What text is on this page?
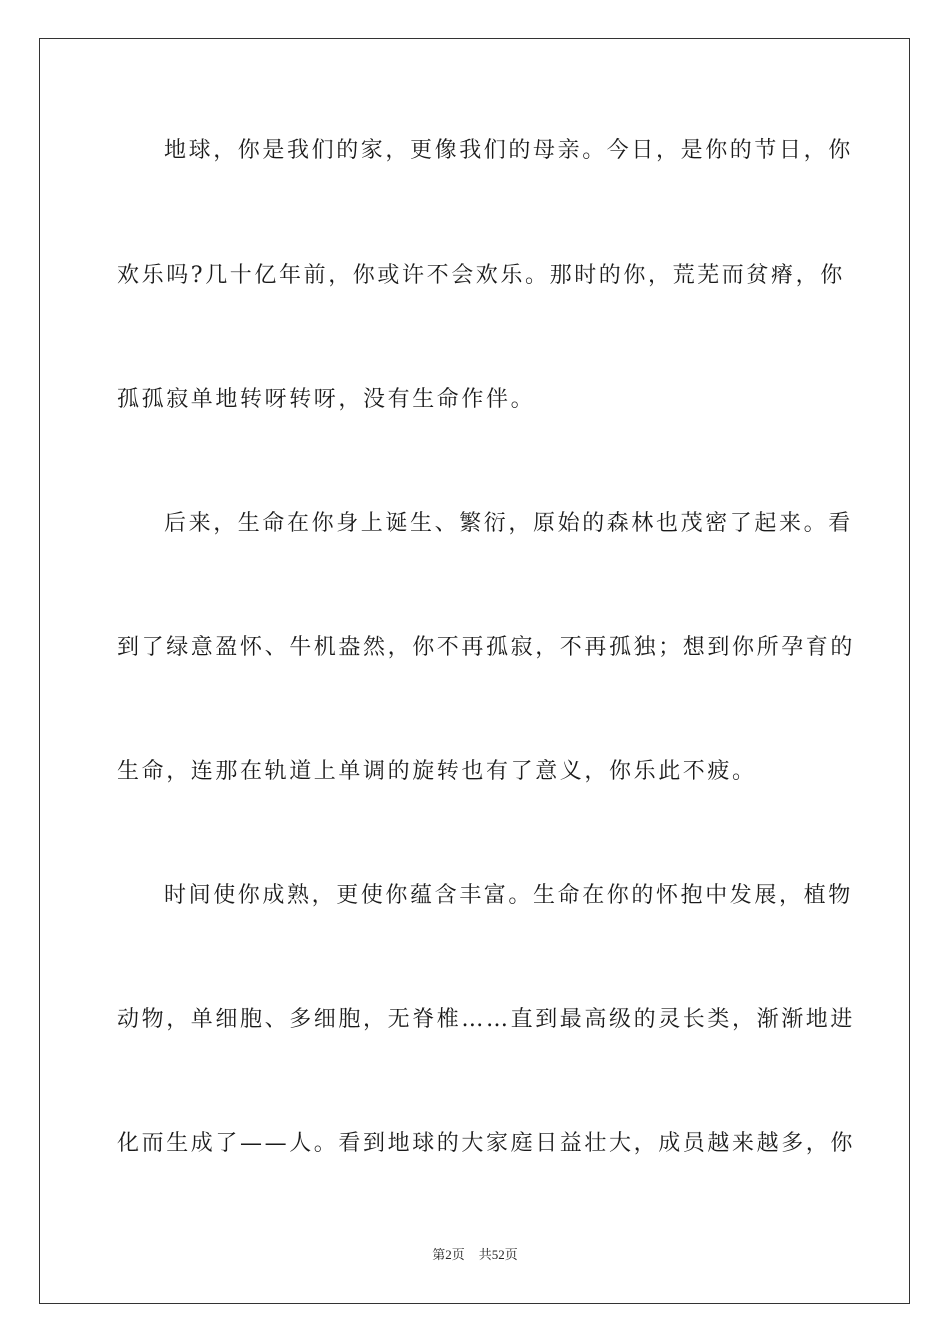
地球，你是我们的家，更像我们的母亲。今日，是你的节日，你
欢乐吗?几十亿年前，你或许不会欢乐。那时的你，荒芜而贫瘠，你
孤孤寂单地转呀转呀，没有生命作伴。
后来，生命在你身上诞生、繁衍，原始的森林也茂密了起来。看
到了绿意盈怀、牛机盎然，你不再孤寂，不再孤独；想到你所孕育的
生命，连那在轨道上单调的旋转也有了意义，你乐此不疲。
时间使你成熟，更使你蕴含丰富。生命在你的怀抱中发展，植物
动物，单细胞、多细胞，无脊椎……直到最高级的灵长类，渐渐地进
化而生成了——人。看到地球的大家庭日益壮大，成员越来越多，你
第2页 共52页
